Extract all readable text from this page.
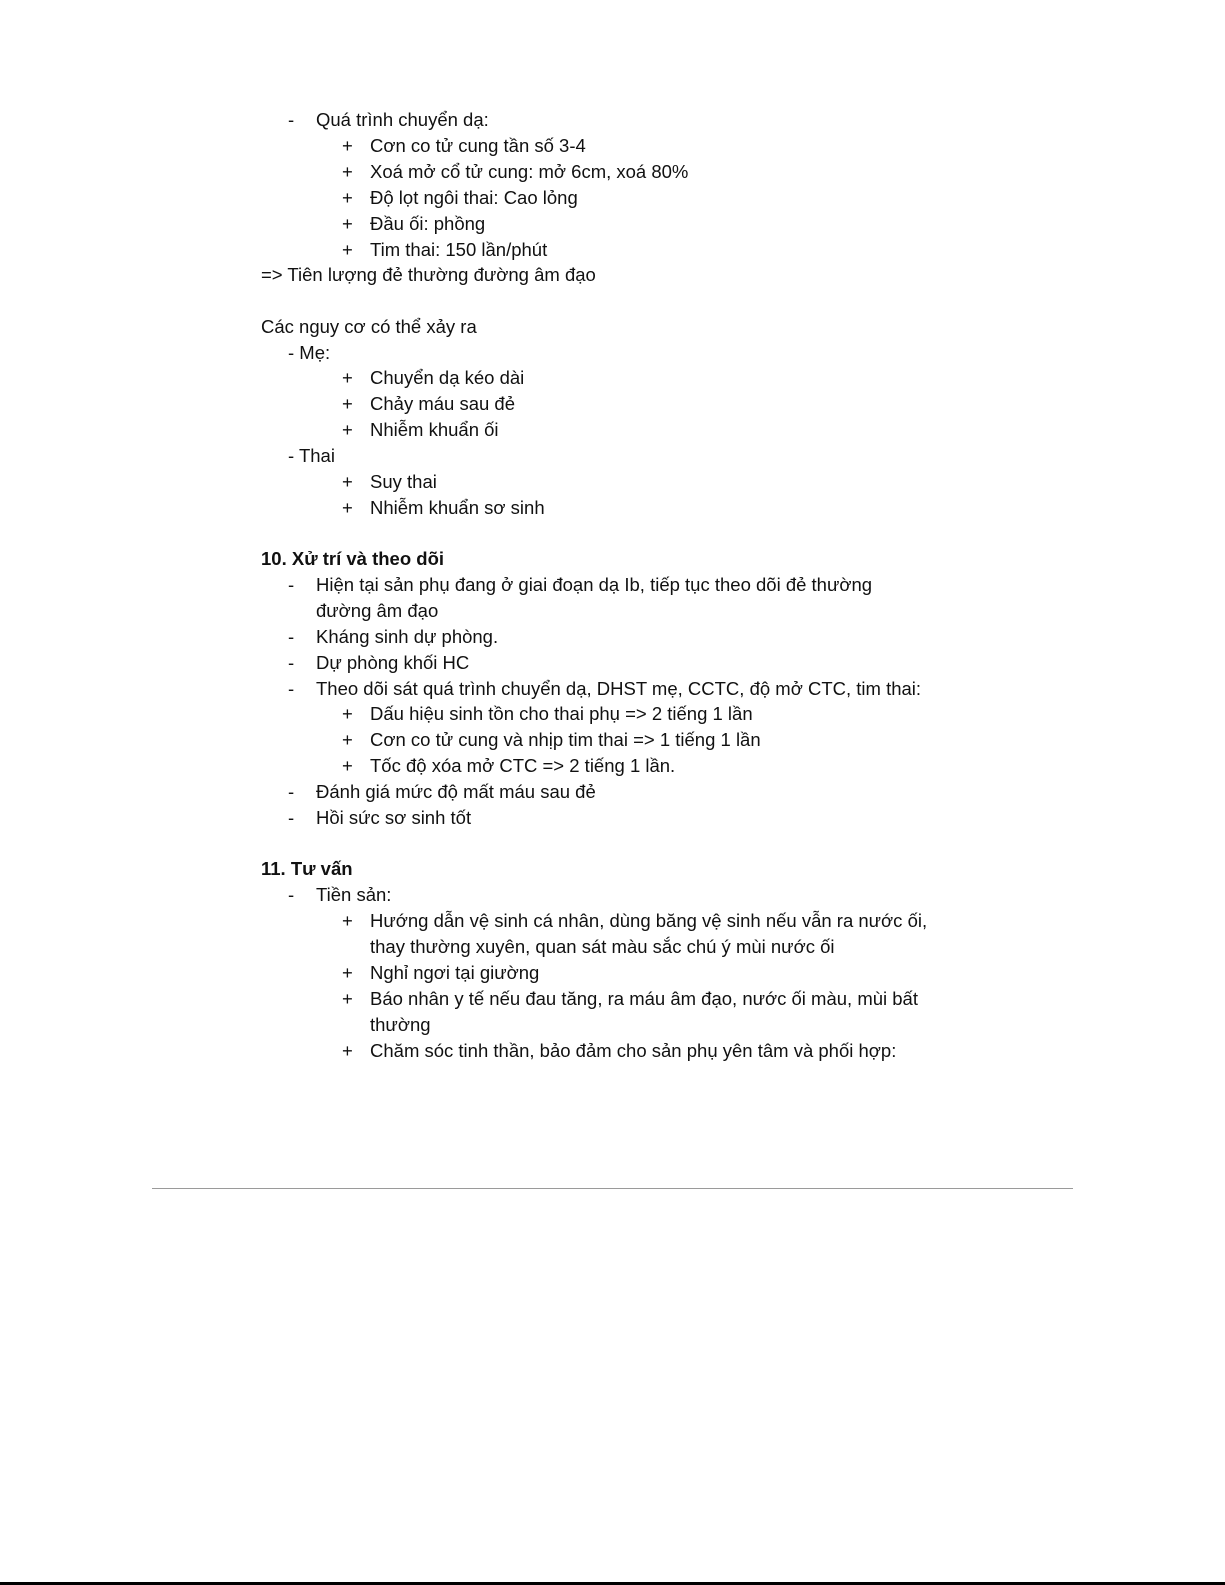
- Quá trình chuyển dạ:
+ Cơn co tử cung tần số 3-4
+ Xoá mở cổ tử cung: mở 6cm, xoá 80%
+ Độ lọt ngôi thai: Cao lỏng
+ Đầu ối: phồng
+ Tim thai: 150 lần/phút
=> Tiên lượng đẻ thường đường âm đạo
Các nguy cơ có thể xảy ra
- Mẹ:
+ Chuyển dạ kéo dài
+ Chảy máu sau đẻ
+ Nhiễm khuẩn ối
- Thai
+ Suy thai
+ Nhiễm khuẩn sơ sinh
10. Xử trí và theo dõi
- Hiện tại sản phụ đang ở giai đoạn dạ Ib, tiếp tục theo dõi đẻ thường
đường âm đạo
- Kháng sinh dự phòng.
- Dự phòng khối HC
- Theo dõi sát quá trình chuyển dạ, DHST mẹ, CCTC, độ mở CTC, tim thai:
+ Dấu hiệu sinh tồn cho thai phụ => 2 tiếng 1 lần
+ Cơn co tử cung và nhịp tim thai => 1 tiếng 1 lần
+ Tốc độ xóa mở CTC => 2 tiếng 1 lần.
- Đánh giá mức độ mất máu sau đẻ
- Hồi sức sơ sinh tốt
11. Tư vấn
- Tiền sản:
+ Hướng dẫn vệ sinh cá nhân, dùng băng vệ sinh nếu vẫn ra nước ối,
thay thường xuyên, quan sát màu sắc chú ý mùi nước ối
+ Nghỉ ngơi tại giường
+ Báo nhân y tế nếu đau tăng, ra máu âm đạo, nước ối màu, mùi bất
thường
+ Chăm sóc tinh thần, bảo đảm cho sản phụ yên tâm và phối hợp:
